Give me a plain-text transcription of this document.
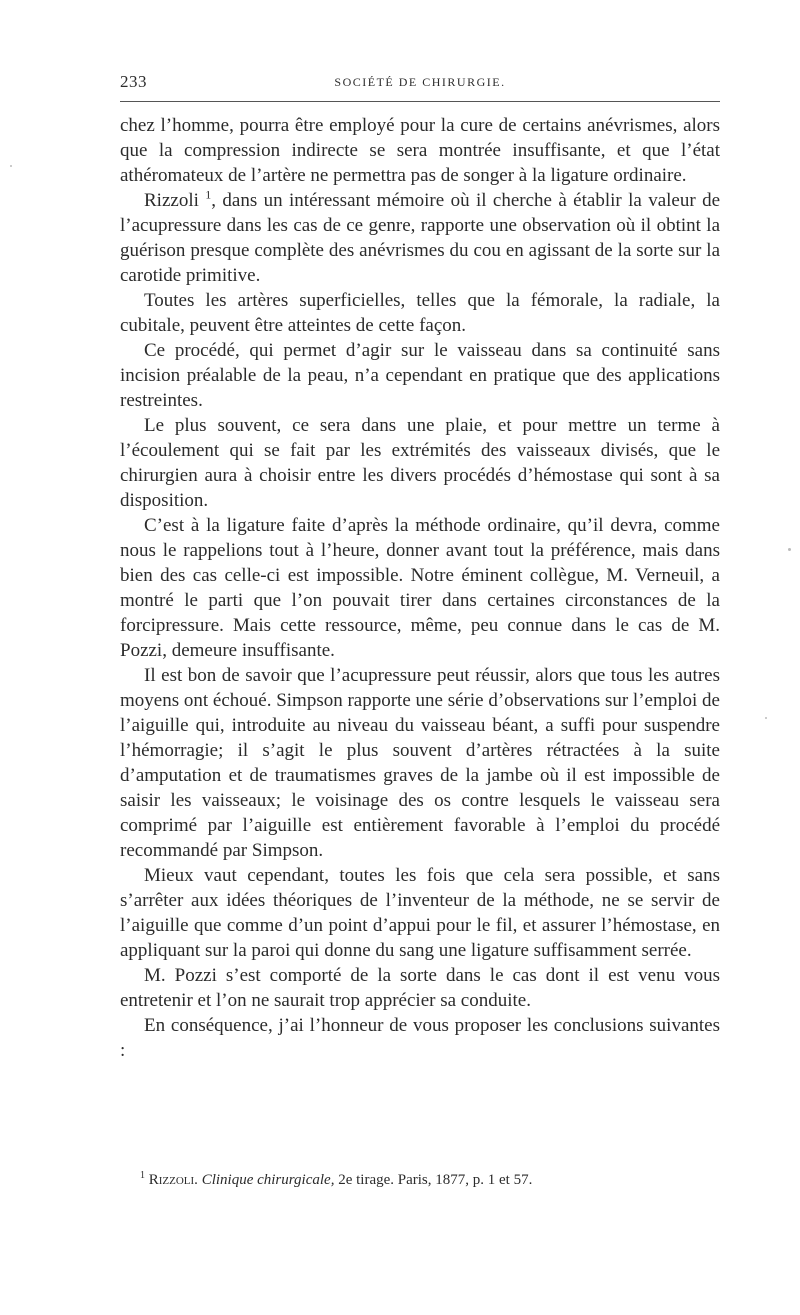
233	SOCIÉTÉ DE CHIRURGIE.

chez l’homme, pourra être employé pour la cure de certains anévrismes, alors que la compression indirecte se sera montrée insuffisante, et que l’état athéromateux de l’artère ne permettra pas de songer à la ligature ordinaire.

Rizzoli $^1$, dans un intéressant mémoire où il cherche à établir la valeur de l’acupressure dans les cas de ce genre, rapporte une observation où il obtint la guérison presque complète des anévrismes du cou en agissant de la sorte sur la carotide primitive.

Toutes les artères superficielles, telles que la fémorale, la radiale, la cubitale, peuvent être atteintes de cette façon.

Ce procédé, qui permet d’agir sur le vaisseau dans sa continuité sans incision préalable de la peau, n’a cependant en pratique que des applications restreintes.

Le plus souvent, ce sera dans une plaie, et pour mettre un terme à l’écoulement qui se fait par les extrémités des vaisseaux divisés, que le chirurgien aura à choisir entre les divers procédés d’hémostase qui sont à sa disposition.

C’est à la ligature faite d’après la méthode ordinaire, qu’il devra, comme nous le rappelions tout à l’heure, donner avant tout la préférence, mais dans bien des cas celle-ci est impossible. Notre éminent collègue, M. Verneuil, a montré le parti que l’on pouvait tirer dans certaines circonstances de la forcipressure. Mais cette ressource, même, peu connue dans le cas de M. Pozzi, demeure insuffisante.

Il est bon de savoir que l’acupressure peut réussir, alors que tous les autres moyens ont échoué. Simpson rapporte une série d’observations sur l’emploi de l’aiguille qui, introduite au niveau du vaisseau béant, a suffi pour suspendre l’hémorragie; il s’agit le plus souvent d’artères rétractées à la suite d’amputation et de traumatismes graves de la jambe où il est impossible de saisir les vaisseaux; le voisinage des os contre lesquels le vaisseau sera comprimé par l’aiguille est entièrement favorable à l’emploi du procédé recommandé par Simpson.

Mieux vaut cependant, toutes les fois que cela sera possible, et sans s’arrêter aux idées théoriques de l’inventeur de la méthode, ne se servir de l’aiguille que comme d’un point d’appui pour le fil, et assurer l’hémostase, en appliquant sur la paroi qui donne du sang une ligature suffisamment serrée.

M. Pozzi s’est comporté de la sorte dans le cas dont il est venu vous entretenir et l’on ne saurait trop apprécier sa conduite.

En conséquence, j’ai l’honneur de vous proposer les conclusions suivantes :

$^1$ Rizzoli. Clinique chirurgicale, 2e tirage. Paris, 1877, p. 1 et 57.
